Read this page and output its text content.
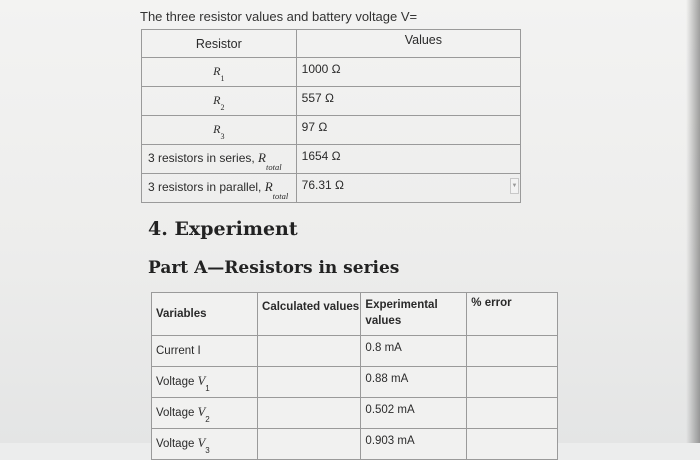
The three resistor values and battery voltage V=
Resistor	Values
$R_1$	1000 Ω
$R_2$	557 Ω
$R_3$	97 Ω
3 resistors in series, $R_{total}$	1654 Ω
3 resistors in parallel, $R_{total}$	76.31 Ω ▼
4. Experiment
Part A—Resistors in series
Variables	Calculated values	Experimental values	% error
Current I		0.8 mA	
Voltage $V_1$		0.88 mA	
Voltage $V_2$		0.502 mA	
Voltage $V_3$		0.903 mA	
